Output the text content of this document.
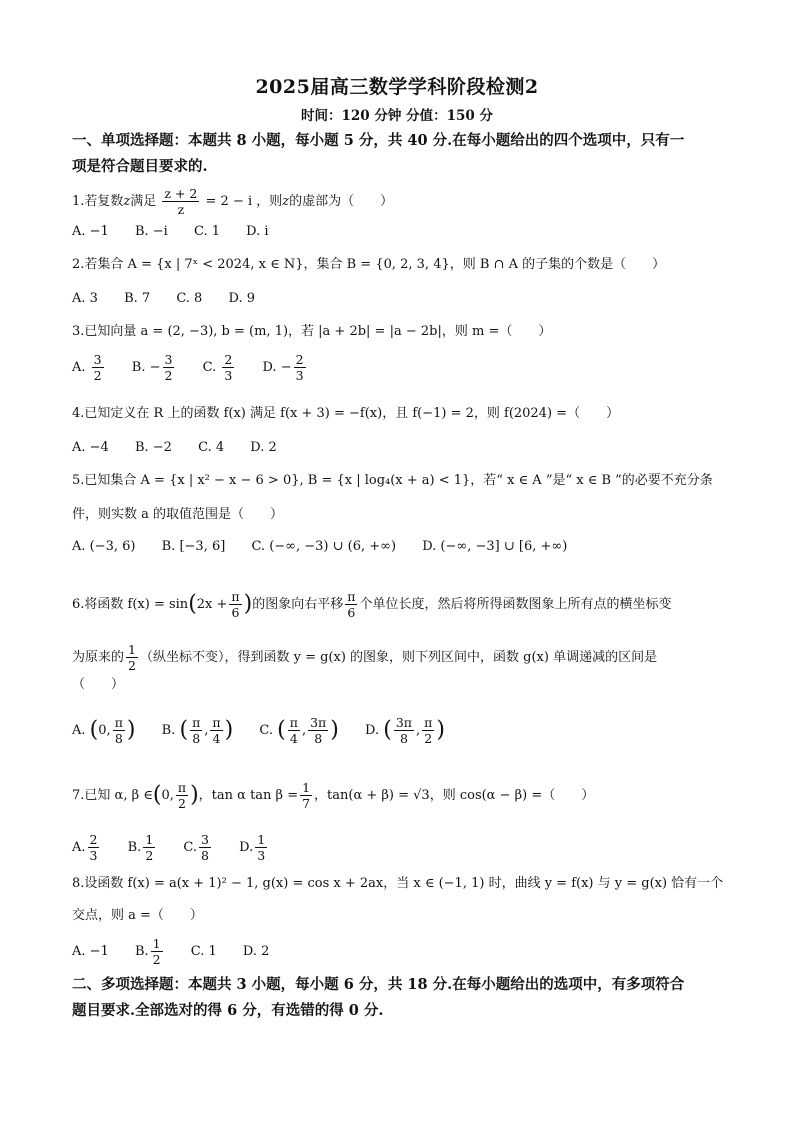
2025届高三数学学科阶段检测2
时间：120 分钟 分值：150 分
一、单项选择题：本题共 8 小题，每小题 5 分，共 40 分.在每小题给出的四个选项中，只有一
项是符合题目要求的.
1.若复数z满足 $\frac{z + 2}{z} = 2 - i$ ，则z的虚部为（　　）
A. −1 B. −i C. 1 D. i
2.若集合 A = {x | 7ˣ < 2024, x ∈ N}，集合 B = {0, 2, 3, 4}，则 B ∩ A 的子集的个数是（　　）
A. 3 B. 7 C. 8 D. 9
3.已知向量 a = (2, −3), b = (m, 1)，若 |a + 2b| = |a − 2b|，则 m =（　　）
A. $\frac{3}{2} B$. − $\frac{3}{2} C$. $\frac{2}{3} D$. − $\frac{2}{3}$
4.已知定义在 R 上的函数 f(x) 满足 f(x + 3) = −f(x)，且 f(−1) = 2，则 f(2024) =（　　）
A. −4 B. −2 C. 4 D. 2
5.已知集合 A = {x | x² − x − 6 > 0}, B = {x | log₄(x + a) < 1}，若“ x ∈ A ”是“ x ∈ B ”的必要不充分条
件，则实数 a 的取值范围是（　　）
A. (−3, 6) B. [−3, 6] C. (−∞, −3) ∪ (6, +∞) D. (−∞, −3] ∪ [6, +∞)
6.将函数 $f(x) = \sin(2x + \frac{\pi}{6}$ )的图象向右平移 $\frac{\pi}{6}$ 个单位长度，然后将所得函数图象上所有点的横坐标变
为原来的 $\frac{1}{2}$ （纵坐标不变），得到函数 y = g(x) 的图象，则下列区间中，函数 g(x) 单调递减的区间是
（　　）
A. (0, $\frac{\pi}{8}$ ) B. ( $\frac{\pi}{8}$ , $\frac{\pi}{4}$ ) C. ( $\frac{\pi}{4}$ , $\frac{3\pi}{8}$ ) D. ( $\frac{3\pi}{8}$ , $\frac{\pi}{2}$ )
7.已知 α, β ∈(0, $\frac{\pi}{2}$ )，tan α $\tan \beta = \frac{1}{7}$ ，tan(α + β) = √3，则 cos(α − β) =（　　）
A. $\frac{2}{3} B$. $\frac{1}{2} C$. $\frac{3}{8} D$. $\frac{1}{3}$
8.设函数 f(x) = a(x + 1)² − 1, g(x) = cos x + 2ax，当 x ∈ (−1, 1) 时，曲线 y = f(x) 与 y = g(x) 恰有一个
交点，则 a =（　　）
A. −1 B. $\frac{1}{2} C$. 1 D. 2
二、多项选择题：本题共 3 小题，每小题 6 分，共 18 分.在每小题给出的选项中，有多项符合
题目要求.全部选对的得 6 分，有选错的得 0 分.
